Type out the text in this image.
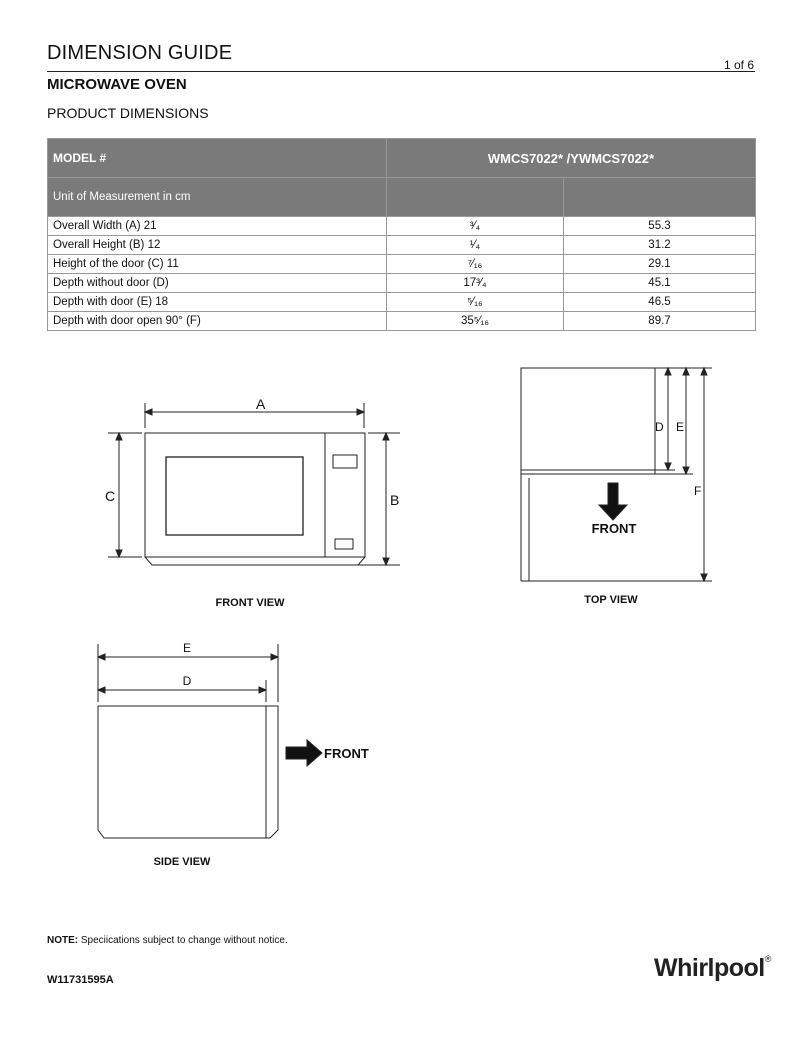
DIMENSION GUIDE
1 of 6
MICROWAVE OVEN
PRODUCT DIMENSIONS
MODEL #	WMCS7022* /YWMCS7022*	
Unit of Measurement in cm		
Overall Width (A) 21	³⁄₄	55.3
Overall Height (B) 12	¹⁄₄	31.2
Height of the door (C) 11	⁷⁄₁₆	29.1
Depth without door (D)	17³⁄₄	45.1
Depth with door (E) 18	⁵⁄₁₆	46.5
Depth with door open 90° (F)	35⁵⁄₁₆	89.7
A
C	B
FRONT VIEW
D E
F
FRONT
TOP VIEW
E
D
FRONT
SIDE VIEW
NOTE: Speciications subject to change without notice.
W11731595A	Whirlpool®
